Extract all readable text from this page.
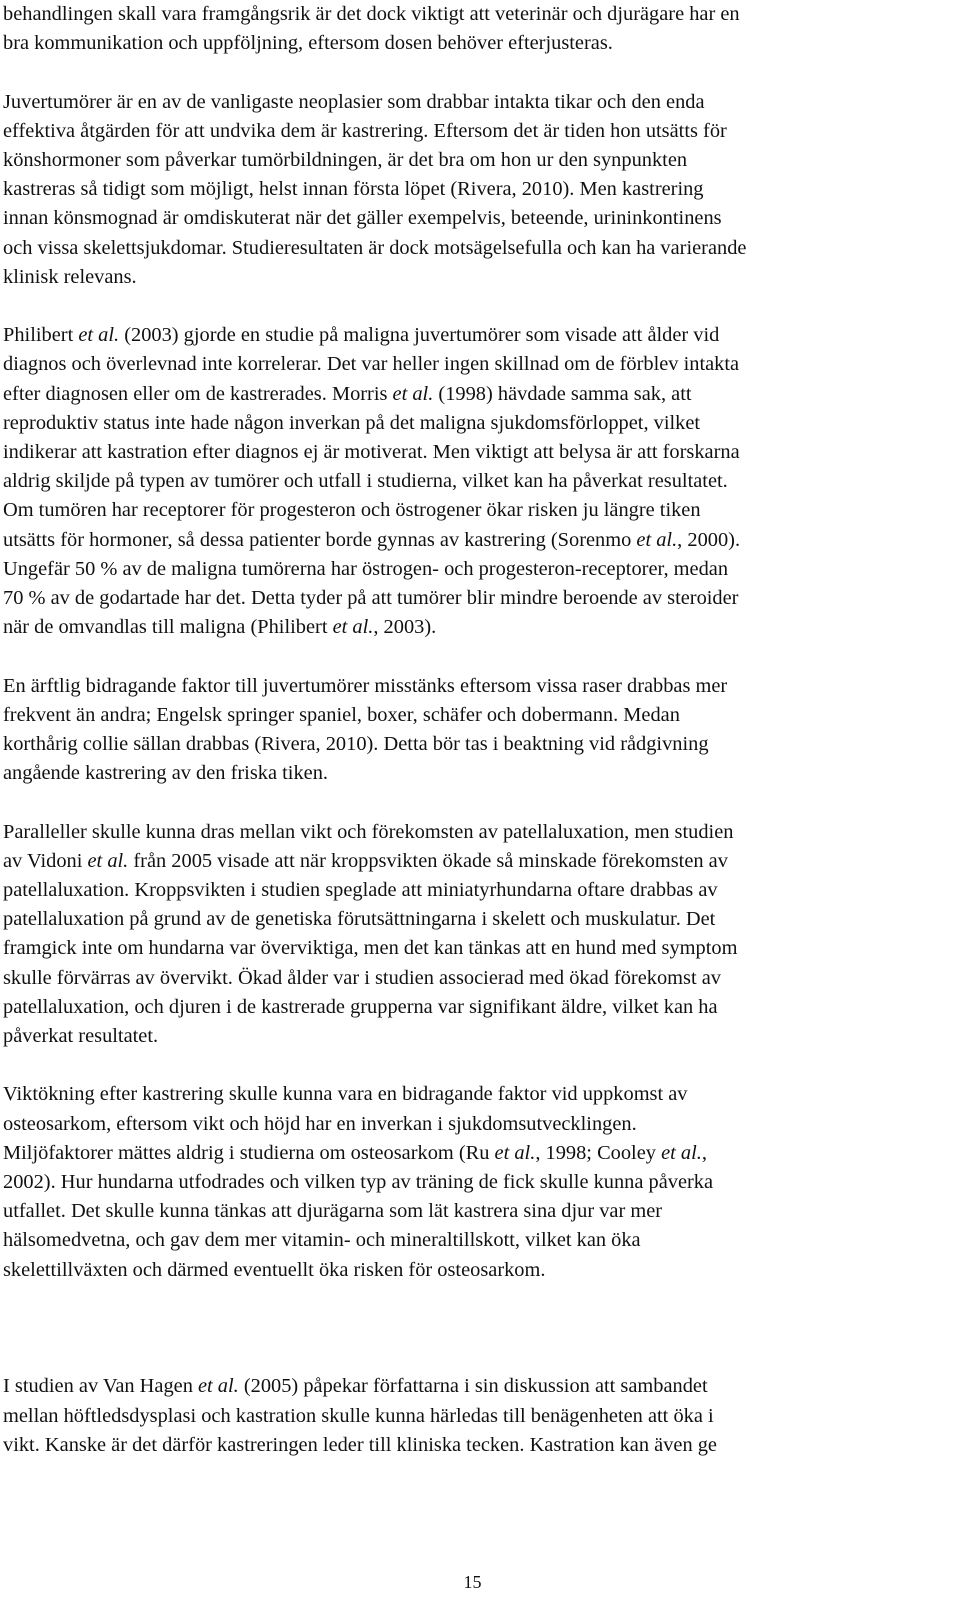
behandlingen skall vara framgångsrik är det dock viktigt att veterinär och djurägare har en
bra kommunikation och uppföljning, eftersom dosen behöver efterjusteras.

Juvertumörer är en av de vanligaste neoplasier som drabbar intakta tikar och den enda
effektiva åtgärden för att undvika dem är kastrering. Eftersom det är tiden hon utsätts för
könshormoner som påverkar tumörbildningen, är det bra om hon ur den synpunkten
kastreras så tidigt som möjligt, helst innan första löpet (Rivera, 2010). Men kastrering
innan könsmognad är omdiskuterat när det gäller exempelvis, beteende, urininkontinens
och vissa skelettsjukdomar. Studieresultaten är dock motsägelsefulla och kan ha varierande
klinisk relevans.

Philibert et al. (2003) gjorde en studie på maligna juvertumörer som visade att ålder vid
diagnos och överlevnad inte korrelerar. Det var heller ingen skillnad om de förblev intakta
efter diagnosen eller om de kastrerades. Morris et al. (1998) hävdade samma sak, att
reproduktiv status inte hade någon inverkan på det maligna sjukdomsförloppet, vilket
indikerar att kastration efter diagnos ej är motiverat. Men viktigt att belysa är att forskarna
aldrig skiljde på typen av tumörer och utfall i studierna, vilket kan ha påverkat resultatet.
Om tumören har receptorer för progesteron och östrogener ökar risken ju längre tiken
utsätts för hormoner, så dessa patienter borde gynnas av kastrering (Sorenmo et al., 2000).
Ungefär 50 % av de maligna tumörerna har östrogen- och progesteron-receptorer, medan
70 % av de godartade har det. Detta tyder på att tumörer blir mindre beroende av steroider
när de omvandlas till maligna (Philibert et al., 2003).

En ärftlig bidragande faktor till juvertumörer misstänks eftersom vissa raser drabbas mer
frekvent än andra; Engelsk springer spaniel, boxer, schäfer och dobermann. Medan
korthårig collie sällan drabbas (Rivera, 2010). Detta bör tas i beaktning vid rådgivning
angående kastrering av den friska tiken.

Paralleller skulle kunna dras mellan vikt och förekomsten av patellaluxation, men studien
av Vidoni et al. från 2005 visade att när kroppsvikten ökade så minskade förekomsten av
patellaluxation. Kroppsvikten i studien speglade att miniatyrhundarna oftare drabbas av
patellaluxation på grund av de genetiska förutsättningarna i skelett och muskulatur. Det
framgick inte om hundarna var överviktiga, men det kan tänkas att en hund med symptom
skulle förvärras av övervikt. Ökad ålder var i studien associerad med ökad förekomst av
patellaluxation, och djuren i de kastrerade grupperna var signifikant äldre, vilket kan ha
påverkat resultatet.

Viktökning efter kastrering skulle kunna vara en bidragande faktor vid uppkomst av
osteosarkom, eftersom vikt och höjd har en inverkan i sjukdomsutvecklingen.
Miljöfaktorer mättes aldrig i studierna om osteosarkom (Ru et al., 1998; Cooley et al.,
2002). Hur hundarna utfodrades och vilken typ av träning de fick skulle kunna påverka
utfallet. Det skulle kunna tänkas att djurägarna som lät kastrera sina djur var mer
hälsomedvetna, och gav dem mer vitamin- och mineraltillskott, vilket kan öka
skelettillväxten och därmed eventuellt öka risken för osteosarkom.

I studien av Van Hagen et al. (2005) påpekar författarna i sin diskussion att sambandet
mellan höftledsdysplasi och kastration skulle kunna härledas till benägenheten att öka i
vikt. Kanske är det därför kastreringen leder till kliniska tecken. Kastration kan även ge

15
